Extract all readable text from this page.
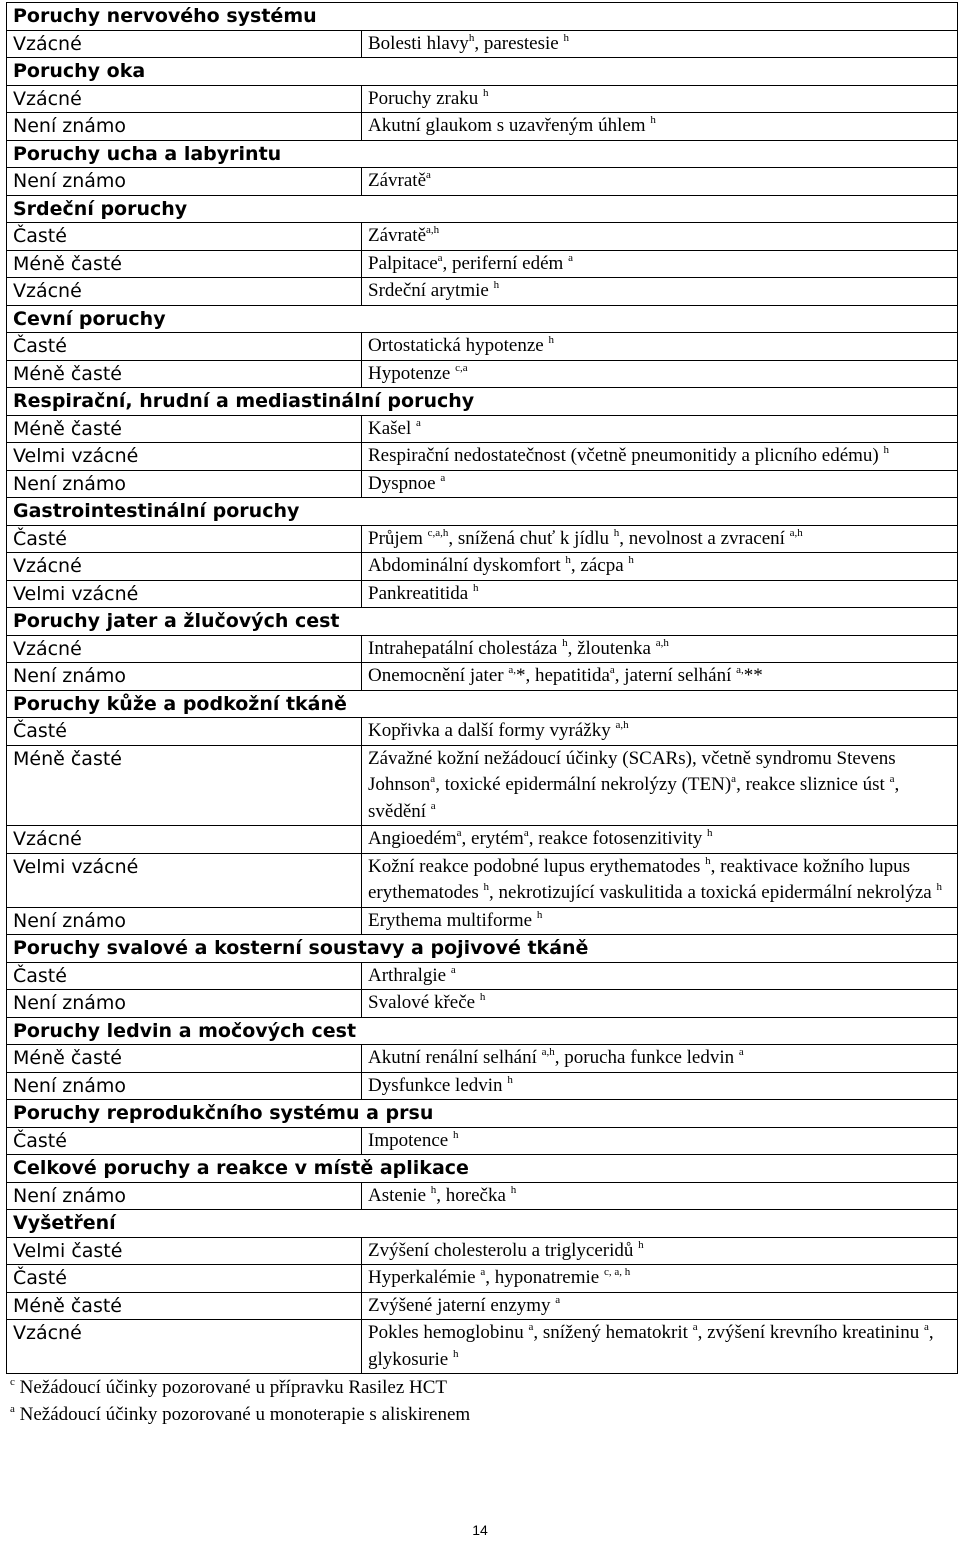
Poruchy nervového systému	
Vzácné	Bolesti hlavy$^h$, parestesie $^h$
Poruchy oka	
Vzácné	Poruchy zraku $^h$
Není známo	Akutní glaukom s uzavřeným úhlem $^h$
Poruchy ucha a labyrintu	
Není známo	Závratě$^a$
Srdeční poruchy	
Časté	Závratě$^{a,h}$
Méně časté	Palpitace$^a$, periferní edém $^a$
Vzácné	Srdeční arytmie $^h$
Cevní poruchy	
Časté	Ortostatická hypotenze $^h$
Méně časté	Hypotenze $^{c,a}$
Respirační, hrudní a mediastinální poruchy	
Méně časté	Kašel $^a$
Velmi vzácné	Respirační nedostatečnost (včetně pneumonitidy a plicního edému) $^h$
Není známo	Dyspnoe $^a$
Gastrointestinální poruchy	
Časté	Průjem $^{c,a,h}$, snížená chuť k jídlu $^h$, nevolnost a zvracení $^{a,h}$
Vzácné	Abdominální dyskomfort $^h$, zácpa $^h$
Velmi vzácné	Pankreatitida $^h$
Poruchy jater a žlučových cest	
Vzácné	Intrahepatální cholestáza $^h$, žloutenka $^{a,h}$
Není známo	Onemocnění jater $^{a,}$*, hepatitida$^a$, jaterní selhání $^{a,}$**
Poruchy kůže a podkožní tkáně	
Časté	Kopřivka a další formy vyrážky $^{a,h}$
Méně časté	Závažné kožní nežádoucí účinky (SCARs), včetně syndromu Stevens Johnson$^a$, toxické epidermální nekrolýzy (TEN)$^a$, reakce sliznice úst $^a$, svědění $^a$
Vzácné	Angioedém$^a$, erytém$^a$, reakce fotosenzitivity $^h$
Velmi vzácné	Kožní reakce podobné lupus erythematodes $^h$, reaktivace kožního lupus erythematodes $^h$, nekrotizující vaskulitida a toxická epidermální nekrolýza $^h$
Není známo	Erythema multiforme $^h$
Poruchy svalové a kosterní soustavy a pojivové tkáně	
Časté	Arthralgie $^a$
Není známo	Svalové křeče $^h$
Poruchy ledvin a močových cest	
Méně časté	Akutní renální selhání $^{a,h}$, porucha funkce ledvin $^a$
Není známo	Dysfunkce ledvin $^h$
Poruchy reprodukčního systému a prsu	
Časté	Impotence $^h$
Celkové poruchy a reakce v místě aplikace	
Není známo	Astenie $^h$, horečka $^h$
Vyšetření	
Velmi časté	Zvýšení cholesterolu a triglyceridů $^h$
Časté	Hyperkalémie $^a$, hyponatremie $^{c, a, h}$
Méně časté	Zvýšené jaterní enzymy $^a$
Vzácné	Pokles hemoglobinu $^a$, snížený hematokrit $^a$, zvýšení krevního kreatininu $^a$, glykosurie $^h$
$^c$ Nežádoucí účinky pozorované u přípravku Rasilez HCT
$^a$ Nežádoucí účinky pozorované u monoterapie s aliskirenem
14
